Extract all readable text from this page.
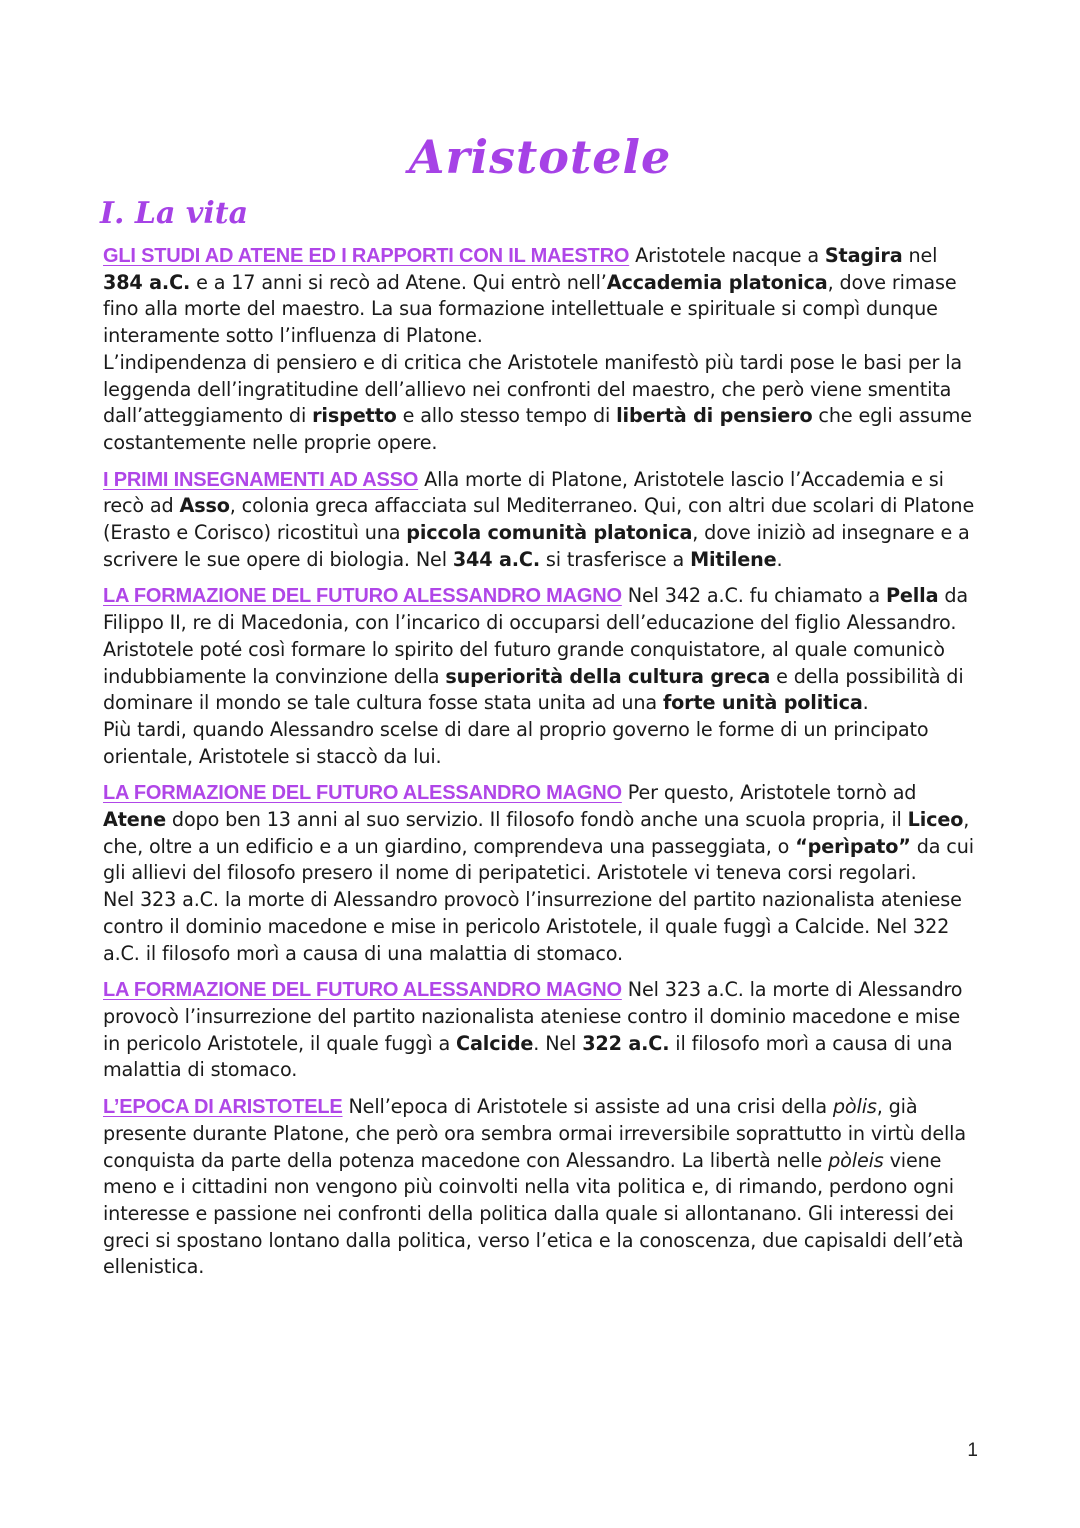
Aristotele
I. La vita

GLI STUDI AD ATENE ED I RAPPORTI CON IL MAESTRO Aristotele nacque a Stagira nel 384 a.C. e a 17 anni si recò ad Atene. Qui entrò nell’Accademia platonica, dove rimase fino alla morte del maestro. La sua formazione intellettuale e spirituale si compì dunque interamente sotto l’influenza di Platone.
L’indipendenza di pensiero e di critica che Aristotele manifestò più tardi pose le basi per la leggenda dell’ingratitudine dell’allievo nei confronti del maestro, che però viene smentita dall’atteggiamento di rispetto e allo stesso tempo di libertà di pensiero che egli assume costantemente nelle proprie opere.

I PRIMI INSEGNAMENTI AD ASSO Alla morte di Platone, Aristotele lascio l’Accademia e si recò ad Asso, colonia greca affacciata sul Mediterraneo. Qui, con altri due scolari di Platone (Erasto e Corisco) ricostituì una piccola comunità platonica, dove iniziò ad insegnare e a scrivere le sue opere di biologia. Nel 344 a.C. si trasferisce a Mitilene.

LA FORMAZIONE DEL FUTURO ALESSANDRO MAGNO Nel 342 a.C. fu chiamato a Pella da Filippo II, re di Macedonia, con l’incarico di occuparsi dell’educazione del figlio Alessandro. Aristotele poté così formare lo spirito del futuro grande conquistatore, al quale comunicò indubbiamente la convinzione della superiorità della cultura greca e della possibilità di dominare il mondo se tale cultura fosse stata unita ad una forte unità politica.
Più tardi, quando Alessandro scelse di dare al proprio governo le forme di un principato orientale, Aristotele si staccò da lui.

LA FORMAZIONE DEL FUTURO ALESSANDRO MAGNO Per questo, Aristotele tornò ad Atene dopo ben 13 anni al suo servizio. Il filosofo fondò anche una scuola propria, il Liceo, che, oltre a un edificio e a un giardino, comprendeva una passeggiata, o “perìpato” da cui gli allievi del filosofo presero il nome di peripatetici. Aristotele vi teneva corsi regolari.
Nel 323 a.C. la morte di Alessandro provocò l’insurrezione del partito nazionalista ateniese contro il dominio macedone e mise in pericolo Aristotele, il quale fuggì a Calcide. Nel 322 a.C. il filosofo morì a causa di una malattia di stomaco.

LA FORMAZIONE DEL FUTURO ALESSANDRO MAGNO Nel 323 a.C. la morte di Alessandro provocò l’insurrezione del partito nazionalista ateniese contro il dominio macedone e mise in pericolo Aristotele, il quale fuggì a Calcide. Nel 322 a.C. il filosofo morì a causa di una malattia di stomaco.

L’EPOCA DI ARISTOTELE Nell’epoca di Aristotele si assiste ad una crisi della pòlis, già presente durante Platone, che però ora sembra ormai irreversibile soprattutto in virtù della conquista da parte della potenza macedone con Alessandro. La libertà nelle pòleis viene meno e i cittadini non vengono più coinvolti nella vita politica e, di rimando, perdono ogni interesse e passione nei confronti della politica dalla quale si allontanano. Gli interessi dei greci si spostano lontano dalla politica, verso l’etica e la conoscenza, due capisaldi dell’età ellenistica.

1
